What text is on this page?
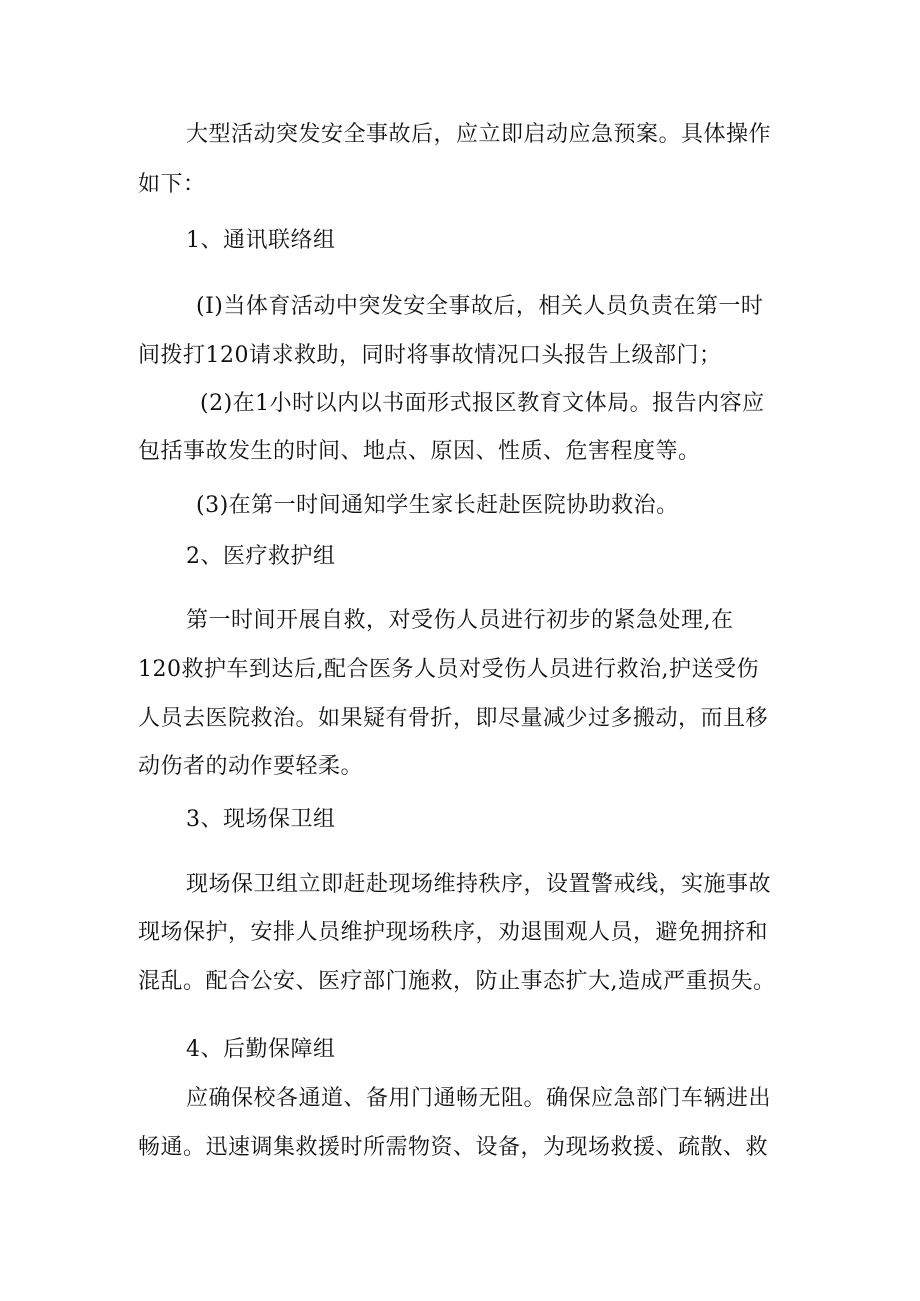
大型活动突发安全事故后，应立即启动应急预案。具体操作
如下：
1、通讯联络组
(I)当体育活动中突发安全事故后，相关人员负责在第一时
间拨打120请求救助，同时将事故情况口头报告上级部门；
(2)在1小时以内以书面形式报区教育文体局。报告内容应
包括事故发生的时间、地点、原因、性质、危害程度等。
(3)在第一时间通知学生家长赶赴医院协助救治。
2、医疗救护组
第一时间开展自救，对受伤人员进行初步的紧急处理,在
120救护车到达后,配合医务人员对受伤人员进行救治,护送受伤
人员去医院救治。如果疑有骨折，即尽量减少过多搬动，而且移
动伤者的动作要轻柔。
3、现场保卫组
现场保卫组立即赶赴现场维持秩序，设置警戒线，实施事故
现场保护，安排人员维护现场秩序，劝退围观人员，避免拥挤和
混乱。配合公安、医疗部门施救，防止事态扩大,造成严重损失。
4、后勤保障组
应确保校各通道、备用门通畅无阻。确保应急部门车辆进出
畅通。迅速调集救援时所需物资、设备，为现场救援、疏散、救
